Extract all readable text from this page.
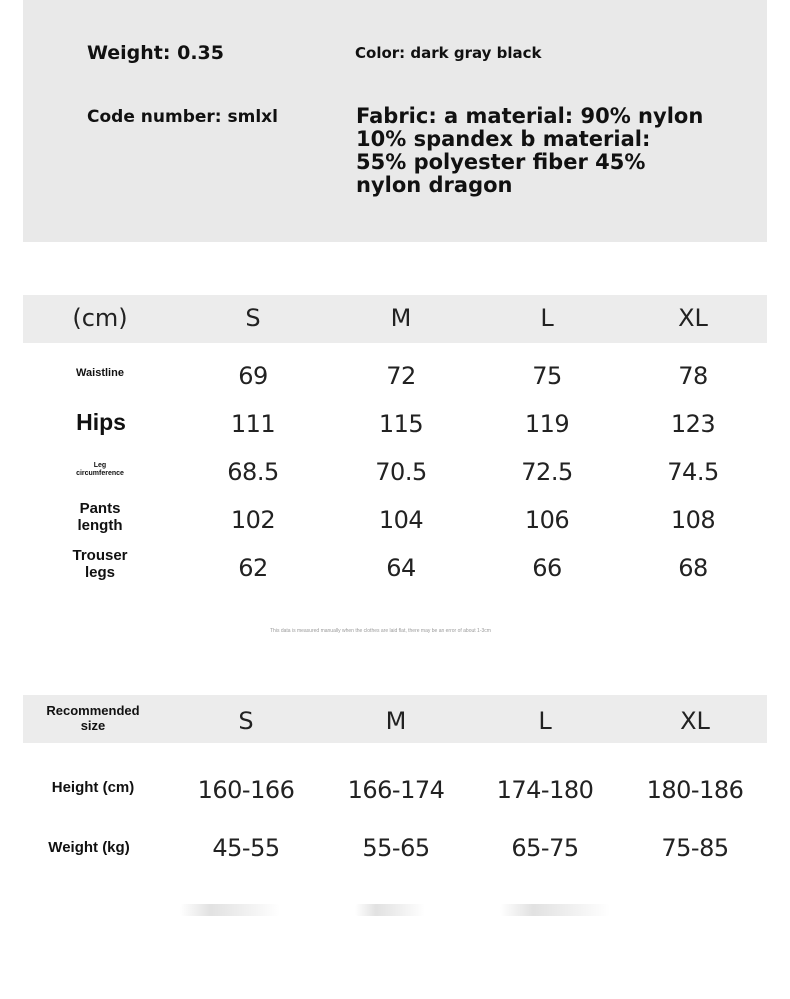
Weight: 0.35	Color: dark gray black
Code number: smlxl	Fabric: a material: 90% nylon 10% spandex b material: 55% polyester fiber 45% nylon dragon
(cm)	S	M	L	XL
Waistline	69	72	75	78
Hips	111	115	119	123
Leg circumference	68.5	70.5	72.5	74.5
Pants length	102	104	106	108
Trouser legs	62	64	66	68
This data is measured manually when the clothes are laid flat, there may be an error of about 1-3cm
Recommended size	S	M	L	XL
Height (cm)	160-166 166-174 174-180 180-186
Weight (kg)	45-55	55-65	65-75	75-85
